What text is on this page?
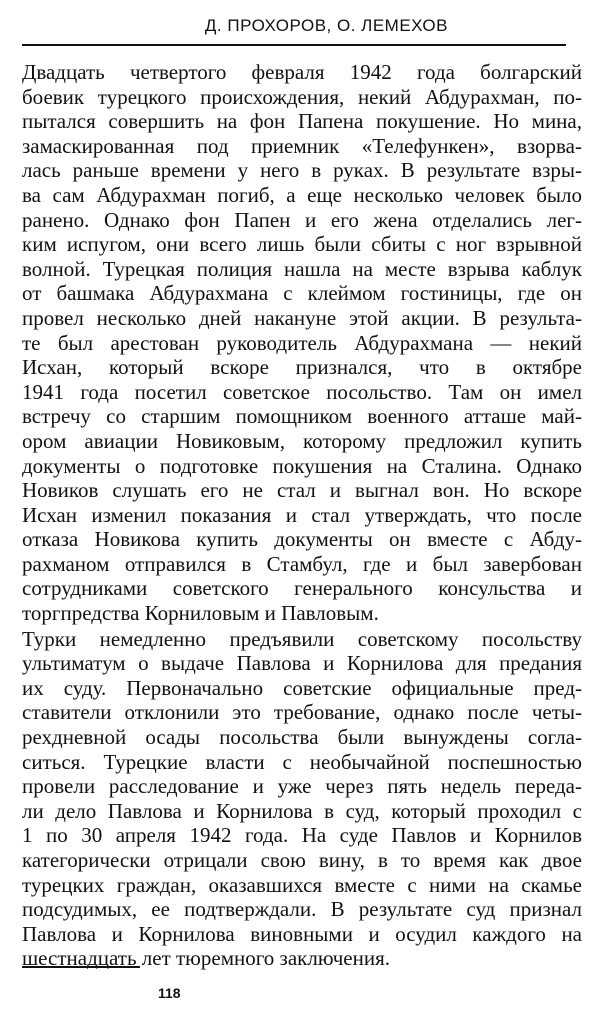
Д. ПРОХОРОВ, О. ЛЕМЕХОВ
Двадцать четвертого февраля 1942 года болгарский
боевик турецкого происхождения, некий Абдурахман, по-
пытался совершить на фон Папена покушение. Но мина,
замаскированная под приемник «Телефункен», взорва-
лась раньше времени у него в руках. В результате взры-
ва сам Абдурахман погиб, а еще несколько человек было
ранено. Однако фон Папен и его жена отделались лег-
ким испугом, они всего лишь были сбиты с ног взрывной
волной. Турецкая полиция нашла на месте взрыва каблук
от башмака Абдурахмана с клеймом гостиницы, где он
провел несколько дней накануне этой акции. В результа-
те был арестован руководитель Абдурахмана — некий
Исхан, который вскоре признался, что в октябре
1941 года посетил советское посольство. Там он имел
встречу со старшим помощником военного атташе май-
ором авиации Новиковым, которому предложил купить
документы о подготовке покушения на Сталина. Однако
Новиков слушать его не стал и выгнал вон. Но вскоре
Исхан изменил показания и стал утверждать, что после
отказа Новикова купить документы он вместе с Абду-
рахманом отправился в Стамбул, где и был завербован
сотрудниками советского генерального консульства и
торгпредства Корниловым и Павловым.
Турки немедленно предъявили советскому посольству
ультиматум о выдаче Павлова и Корнилова для предания
их суду. Первоначально советские официальные пред-
ставители отклонили это требование, однако после четы-
рехдневной осады посольства были вынуждены согла-
ситься. Турецкие власти с необычайной поспешностью
провели расследование и уже через пять недель переда-
ли дело Павлова и Корнилова в суд, который проходил с
1 по 30 апреля 1942 года. На суде Павлов и Корнилов
категорически отрицали свою вину, в то время как двое
турецких граждан, оказавшихся вместе с ними на скамье
подсудимых, ее подтверждали. В результате суд признал
Павлова и Корнилова виновными и осудил каждого на
шестнадцать лет тюремного заключения.
118
